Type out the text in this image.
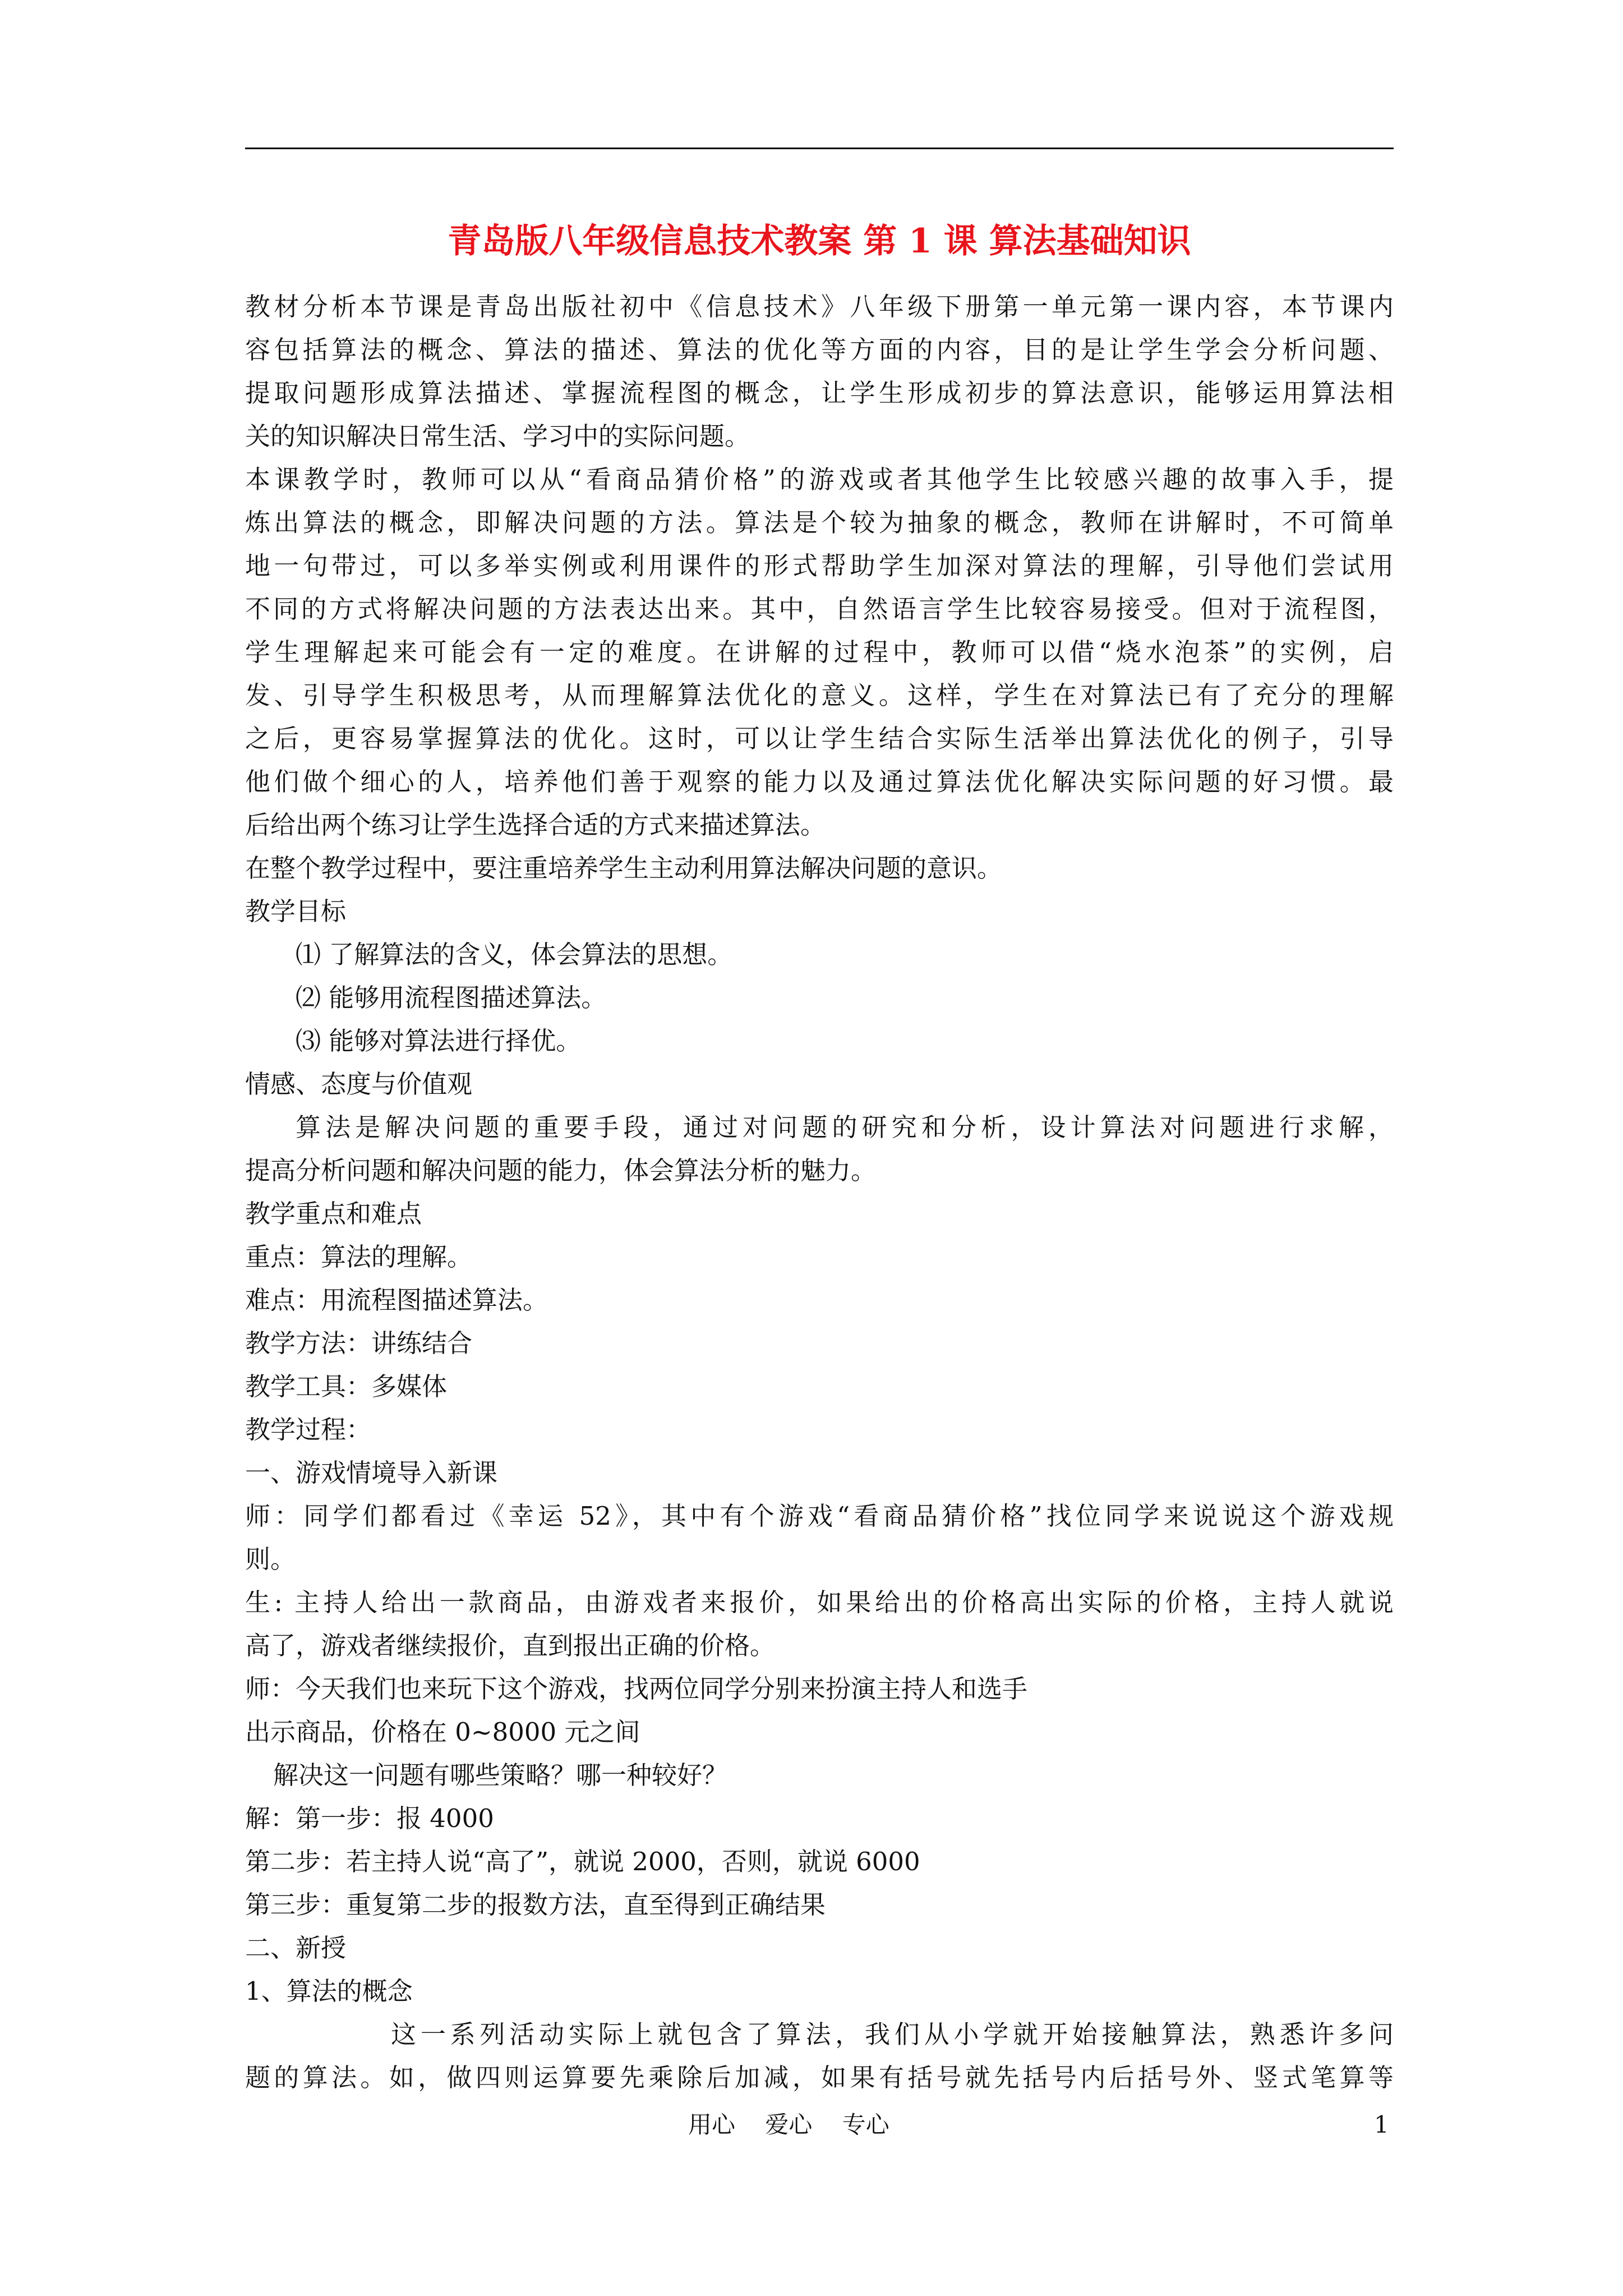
青岛版八年级信息技术教案 第 1 课 算法基础知识
教材分析本节课是青岛出版社初中《信息技术》八年级下册第一单元第一课内容，本节课内
容包括算法的概念、算法的描述、算法的优化等方面的内容，目的是让学生学会分析问题、
提取问题形成算法描述、掌握流程图的概念，让学生形成初步的算法意识，能够运用算法相
关的知识解决日常生活、学习中的实际问题。
本课教学时，教师可以从“看商品猜价格”的游戏或者其他学生比较感兴趣的故事入手，提
炼出算法的概念，即解决问题的方法。算法是个较为抽象的概念，教师在讲解时，不可简单
地一句带过，可以多举实例或利用课件的形式帮助学生加深对算法的理解，引导他们尝试用
不同的方式将解决问题的方法表达出来。其中，自然语言学生比较容易接受。但对于流程图，
学生理解起来可能会有一定的难度。在讲解的过程中，教师可以借“烧水泡茶”的实例，启
发、引导学生积极思考，从而理解算法优化的意义。这样，学生在对算法已有了充分的理解
之后，更容易掌握算法的优化。这时，可以让学生结合实际生活举出算法优化的例子，引导
他们做个细心的人，培养他们善于观察的能力以及通过算法优化解决实际问题的好习惯。最
后给出两个练习让学生选择合适的方式来描述算法。
在整个教学过程中，要注重培养学生主动利用算法解决问题的意识。
教学目标
⑴ 了解算法的含义，体会算法的思想。
⑵ 能够用流程图描述算法。
⑶ 能够对算法进行择优。
情感、态度与价值观
算法是解决问题的重要手段，通过对问题的研究和分析，设计算法对问题进行求解，
提高分析问题和解决问题的能力，体会算法分析的魅力。
教学重点和难点
重点：算法的理解。
难点：用流程图描述算法。
教学方法：讲练结合
教学工具：多媒体
教学过程：
一、游戏情境导入新课
师：同学们都看过《幸运 52》，其中有个游戏“看商品猜价格”找位同学来说说这个游戏规
则。
生: 主持人给出一款商品，由游戏者来报价，如果给出的价格高出实际的价格，主持人就说
高了，游戏者继续报价，直到报出正确的价格。
师：今天我们也来玩下这个游戏，找两位同学分别来扮演主持人和选手
出示商品，价格在 0~8000 元之间
解决这一问题有哪些策略？哪一种较好？
解：第一步：报 4000
第二步：若主持人说“高了”，就说 2000，否则，就说 6000
第三步：重复第二步的报数方法，直至得到正确结果
二、新授
1、算法的概念
这一系列活动实际上就包含了算法，我们从小学就开始接触算法，熟悉许多问
题的算法。如，做四则运算要先乘除后加减，如果有括号就先括号内后括号外、竖式笔算等
用心    爱心    专心	1
